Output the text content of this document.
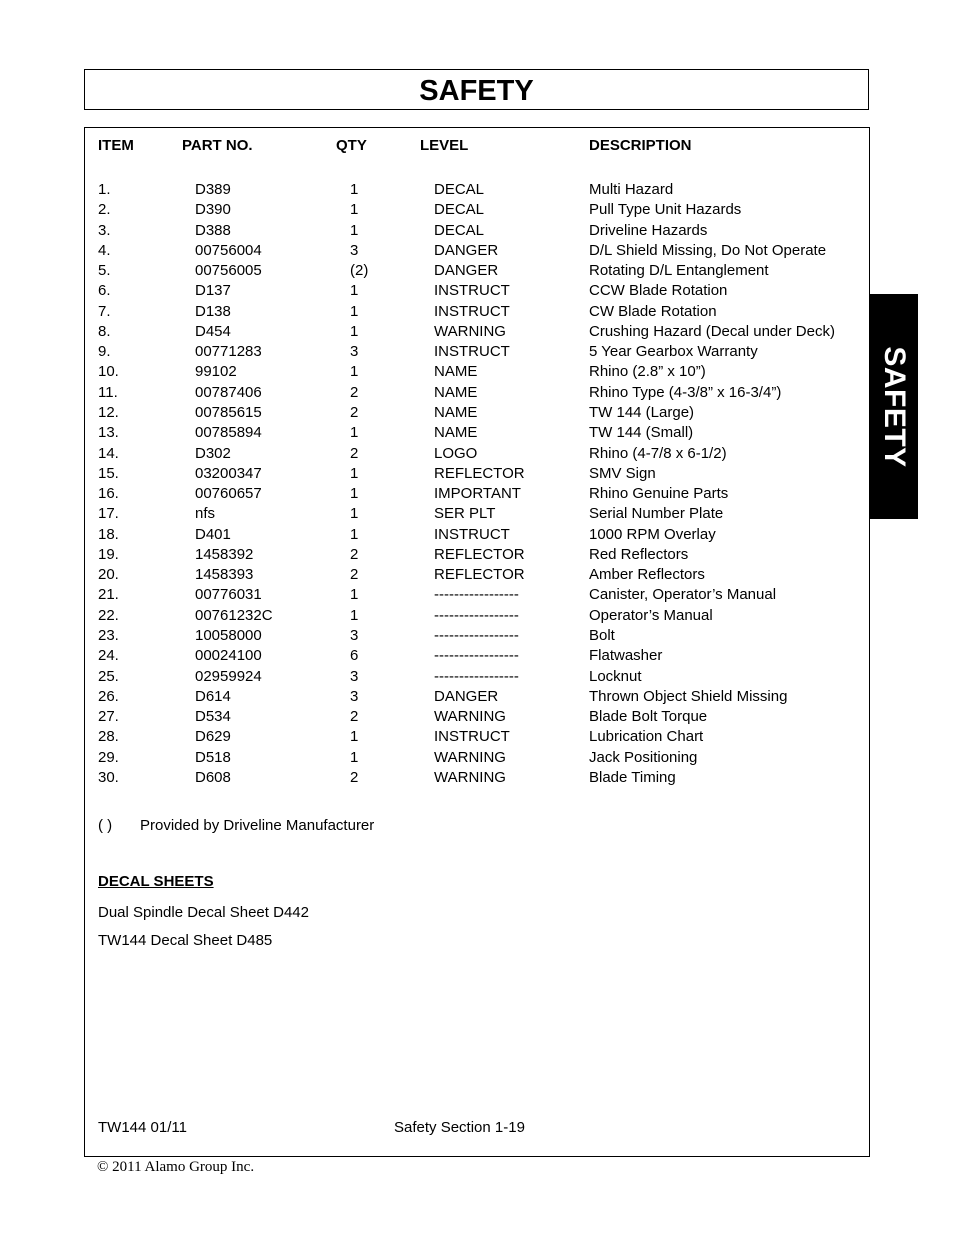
SAFETY
SAFETY
ITEM	PART NO.	QTY	LEVEL	DESCRIPTION
1.	D389	1	DECAL	Multi Hazard
2.	D390	1	DECAL	Pull Type Unit Hazards
3.	D388	1	DECAL	Driveline Hazards
4.	00756004	3	DANGER	D/L Shield Missing, Do Not Operate
5.	00756005	(2)	DANGER	Rotating D/L Entanglement
6.	D137	1	INSTRUCT	CCW Blade Rotation
7.	D138	1	INSTRUCT	CW Blade Rotation
8.	D454	1	WARNING	Crushing Hazard (Decal under Deck)
9.	00771283	3	INSTRUCT	5 Year Gearbox Warranty
10.	99102	1	NAME	Rhino (2.8” x 10”)
11.	00787406	2	NAME	Rhino Type (4-3/8” x 16-3/4”)
12.	00785615	2	NAME	TW 144 (Large)
13.	00785894	1	NAME	TW 144 (Small)
14.	D302	2	LOGO	Rhino (4-7/8 x 6-1/2)
15.	03200347	1	REFLECTOR	SMV Sign
16.	00760657	1	IMPORTANT	Rhino Genuine Parts
17.	nfs	1	SER PLT	Serial Number Plate
18.	D401	1	INSTRUCT	1000 RPM Overlay
19.	1458392	2	REFLECTOR	Red Reflectors
20.	1458393	2	REFLECTOR	Amber Reflectors
21.	00776031	1	-----------------	Canister, Operator’s Manual
22.	00761232C	1	-----------------	Operator’s Manual
23.	10058000	3	-----------------	Bolt
24.	00024100	6	-----------------	Flatwasher
25.	02959924	3	-----------------	Locknut
26.	D614	3	DANGER	Thrown Object Shield Missing
27.	D534	2	WARNING	Blade Bolt Torque
28.	D629	1	INSTRUCT	Lubrication Chart
29.	D518	1	WARNING	Jack Positioning
30.	D608	2	WARNING	Blade Timing
( ) Provided by Driveline Manufacturer
DECAL SHEETS
Dual Spindle Decal Sheet D442
TW144 Decal Sheet D485
TW144 01/11	Safety Section 1-19
© 2011 Alamo Group Inc.
